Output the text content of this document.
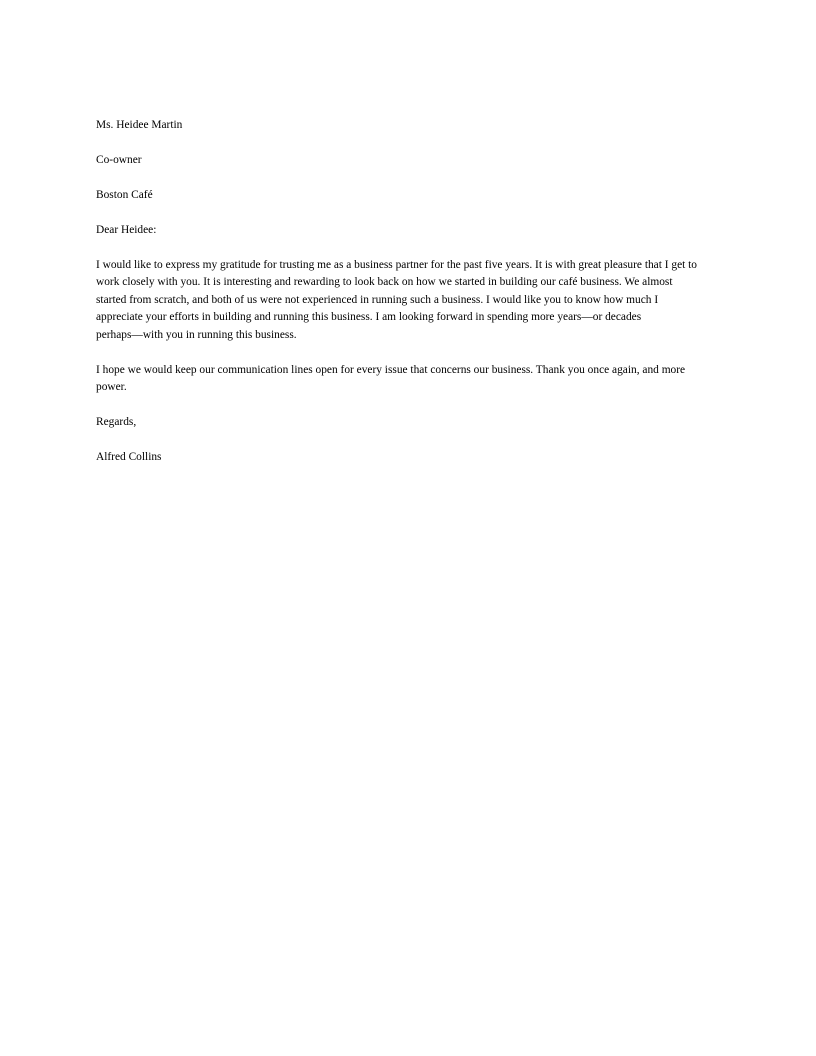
Ms. Heidee Martin

Co-owner

Boston Café

Dear Heidee:

I would like to express my gratitude for trusting me as a business partner for the past five years. It is with great pleasure that I get to
work closely with you. It is interesting and rewarding to look back on how we started in building our café business. We almost
started from scratch, and both of us were not experienced in running such a business. I would like you to know how much I
appreciate your efforts in building and running this business. I am looking forward in spending more years—or decades
perhaps—with you in running this business.

I hope we would keep our communication lines open for every issue that concerns our business. Thank you once again, and more
power.

Regards,

Alfred Collins
